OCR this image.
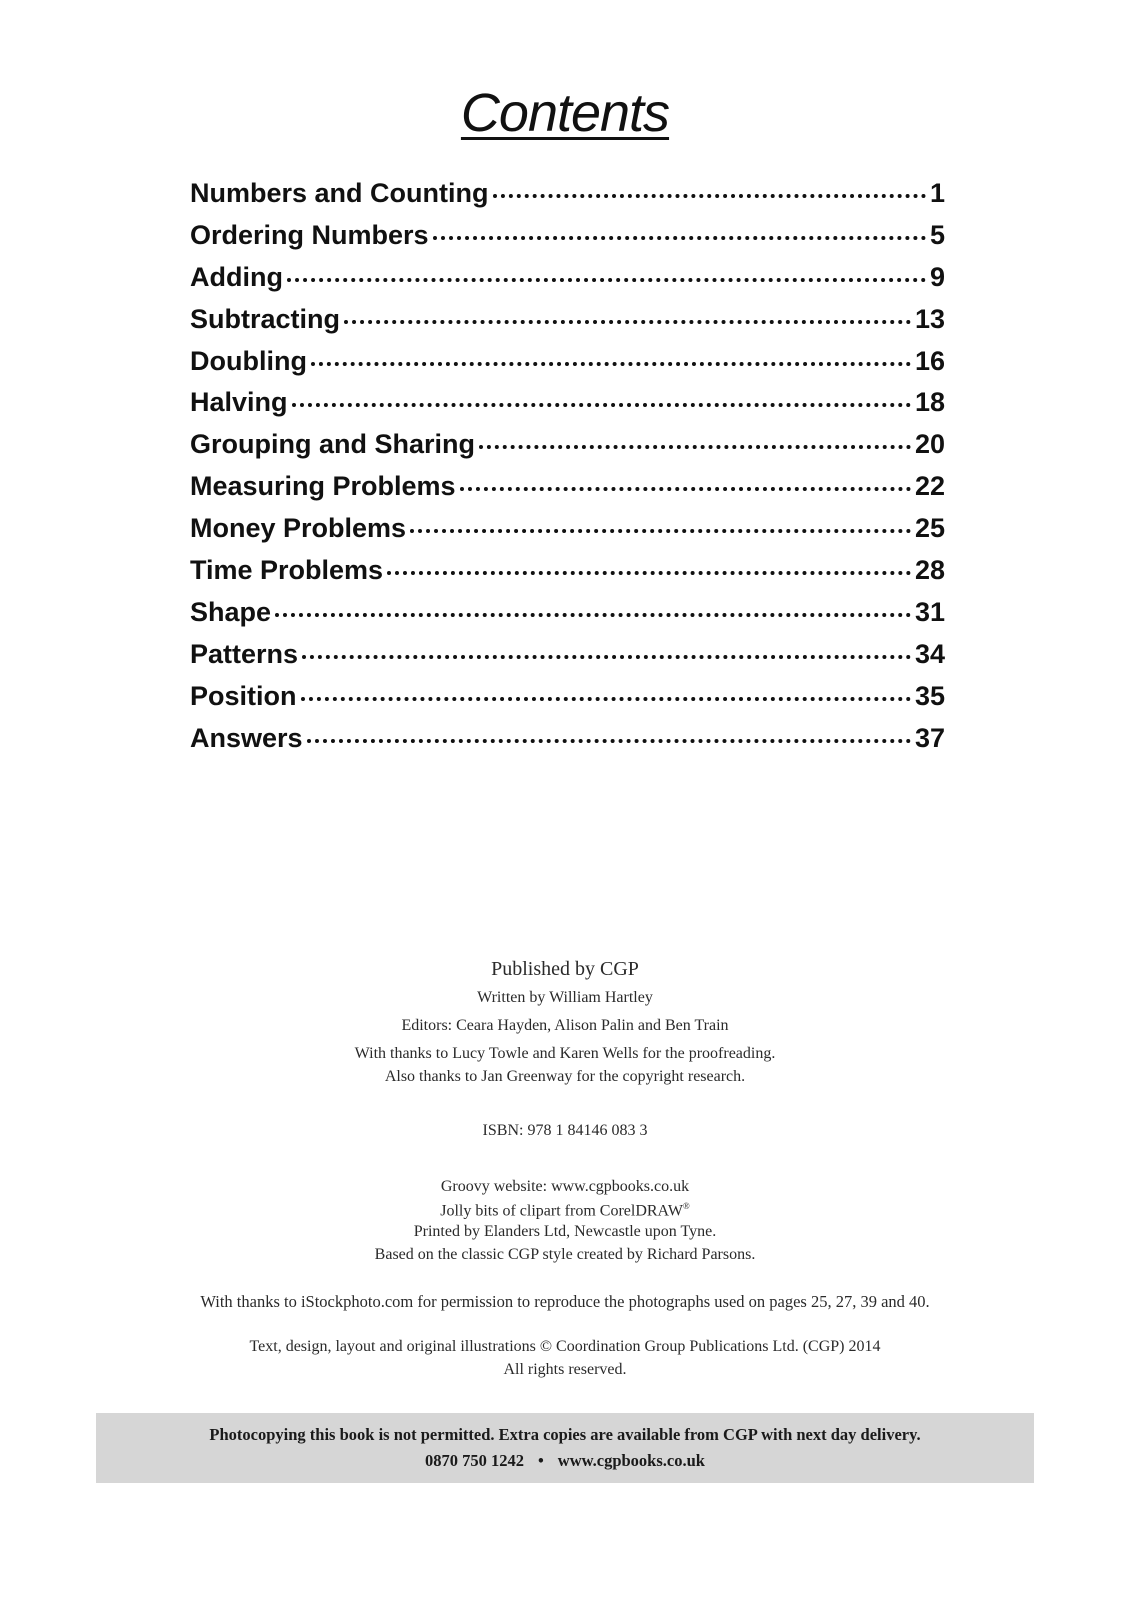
Contents
Numbers and Counting	1
Ordering Numbers	5
Adding	9
Subtracting	13
Doubling	16
Halving	18
Grouping and Sharing	20
Measuring Problems	22
Money Problems	25
Time Problems	28
Shape	31
Patterns	34
Position	35
Answers	37
Published by CGP
Written by William Hartley
Editors: Ceara Hayden, Alison Palin and Ben Train
With thanks to Lucy Towle and Karen Wells for the proofreading.
Also thanks to Jan Greenway for the copyright research.
ISBN: 978 1 84146 083 3
Groovy website: www.cgpbooks.co.uk
Jolly bits of clipart from CorelDRAW®
Printed by Elanders Ltd, Newcastle upon Tyne.
Based on the classic CGP style created by Richard Parsons.
With thanks to iStockphoto.com for permission to reproduce the photographs used on pages 25, 27, 39 and 40.
Text, design, layout and original illustrations © Coordination Group Publications Ltd. (CGP) 2014
All rights reserved.
Photocopying this book is not permitted. Extra copies are available from CGP with next day delivery.
0870 750 1242 • www.cgpbooks.co.uk
